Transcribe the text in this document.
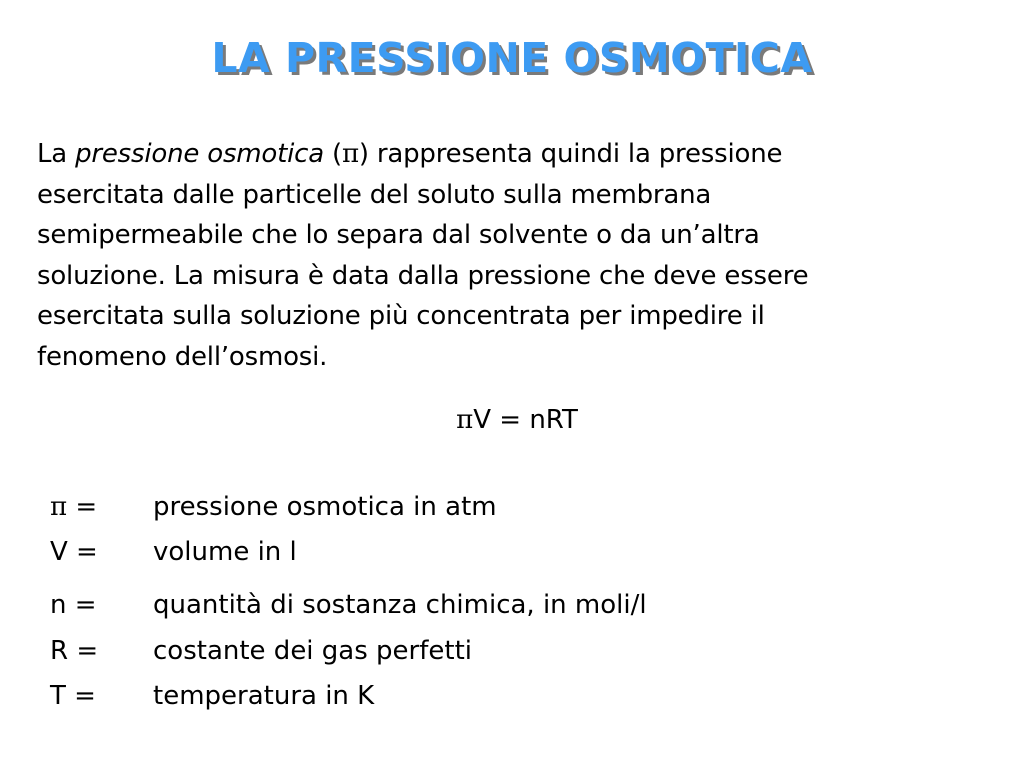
LA PRESSIONE OSMOTICA
La pressione osmotica (π) rappresenta quindi la pressione
esercitata dalle particelle del soluto sulla membrana
semipermeabile che lo separa dal solvente o da un’altra
soluzione. La misura è data dalla pressione che deve essere
esercitata sulla soluzione più concentrata per impedire il
fenomeno dell’osmosi.
πV = nRT
π =	pressione osmotica in atm
V =	volume in l
n =	quantità di sostanza chimica, in moli/l
R =	costante dei gas perfetti
T =	temperatura in K
